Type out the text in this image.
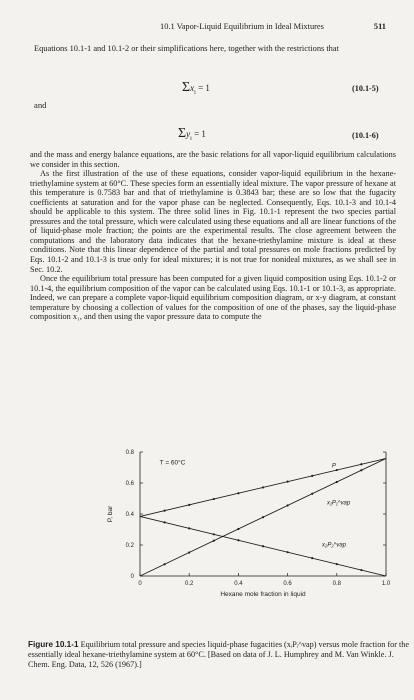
10.1 Vapor-Liquid Equilibrium in Ideal Mixtures	511
Equations 10.1-1 and 10.1-2 or their simplifications here, together with the restrictions that
$\Sigma x_i = 1$	(10.1-5)
and
$\Sigma y_i = 1$	(10.1-6)

and the mass and energy balance equations, are the basic relations for all vapor-liquid equilibrium calculations we consider in this section.

As the first illustration of the use of these equations, consider vapor-liquid equilibrium in the hexane-triethylamine system at 60°C. These species form an essentially ideal mixture. The vapor pressure of hexane at this temperature is 0.7583 bar and that of triethylamine is 0.3843 bar; these are so low that the fugacity coefficients at saturation and for the vapor phase can be neglected. Consequently, Eqs. 10.1-3 and 10.1-4 should be applicable to this system. The three solid lines in Fig. 10.1-1 represent the two species partial pressures and the total pressure, which were calculated using these equations and all are linear functions of the of liquid-phase mole fraction; the points are the experimental results. The close agreement between the computations and the laboratory data indicates that the hexane-triethylamine mixture is ideal at these conditions. Note that this linear dependence of the partial and total pressures on mole fractions predicted by Eqs. 10.1-2 and 10.1-3 is true only for ideal mixtures; it is not true for nonideal mixtures, as we shall see in Sec. 10.2.

Once the equilibrium total pressure has been computed for a given liquid composition using Eqs. 10.1-2 or 10.1-4, the equilibrium composition of the vapor can be calculated using Eqs. 10.1-1 or 10.1-3, as appropriate. Indeed, we can prepare a complete vapor-liquid equilibrium composition diagram, or x-y diagram, at constant temperature by choosing a collection of values for the composition of one of the phases, say the liquid-phase composition x₁, and then using the vapor pressure data to compute the

0	0.2	0.4	0.6	0.8	1.0
0
0.2
0.4
0.6
0.8
P
x₁P₁^vap
x₂P₂^vap
T = 60°C
Hexane mole fraction in liquid
P, bar
Figure 10.1-1 Equilibrium total pressure and species liquid-phase fugacities (xᵢPᵢ^vap) versus mole fraction for the essentially ideal hexane-triethylamine system at 60°C. [Based on data of J. L. Humphrey and M. Van Winkle. J. Chem. Eng. Data, 12, 526 (1967).]
